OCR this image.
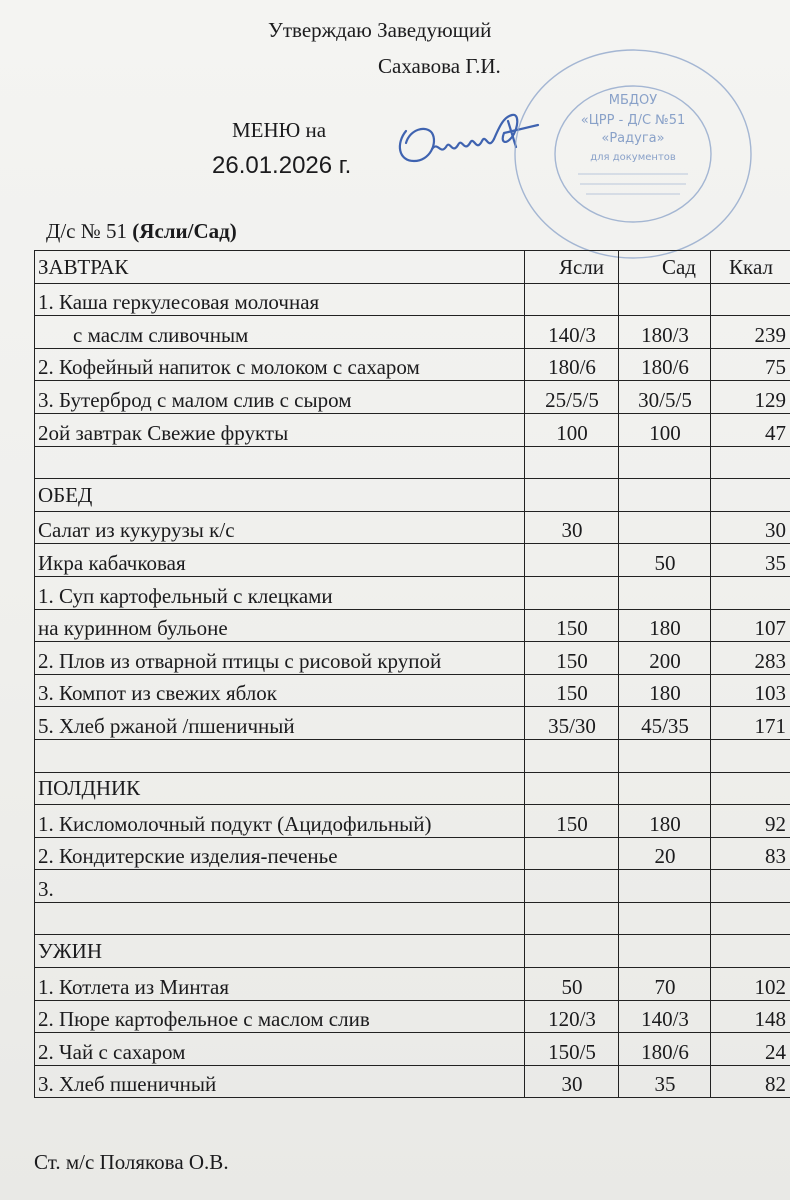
Утверждаю Заведующий
Сахавова Г.И.
МЕНЮ на
26.01.2026 г.
МБДОУ
«ЦРР - Д/С №51
«Радуга»
для документов
Д/с № 51 (Ясли/Сад)
ЗАВТРАК	Ясли	Сад	Ккал
1. Каша геркулесовая молочная			
с маслм сливочным	140/3	180/3	239
2. Кофейный напиток с молоком с сахаром	180/6	180/6	75
3. Бутерброд с малом слив с сыром	25/5/5	30/5/5	129
2ой завтрак Свежие фрукты	100	100	47

ОБЕД			
Салат из кукурузы к/с	30		30
Икра кабачковая		50	35
1. Суп картофельный с клецками			
на куринном бульоне	150	180	107
2. Плов из отварной птицы с рисовой крупой	150	200	283
3. Компот из свежих яблок	150	180	103
5. Хлеб ржаной /пшеничный	35/30	45/35	171

ПОЛДНИК			
1. Кисломолочный подукт (Ацидофильный)	150	180	92
2. Кондитерские изделия-печенье		20	83
3.			

УЖИН			
1. Котлета из Минтая	50	70	102
2. Пюре картофельное с маслом слив	120/3	140/3	148
2. Чай с сахаром	150/5	180/6	24
3. Хлеб пшеничный	30	35	82
Ст. м/с Полякова О.В.
